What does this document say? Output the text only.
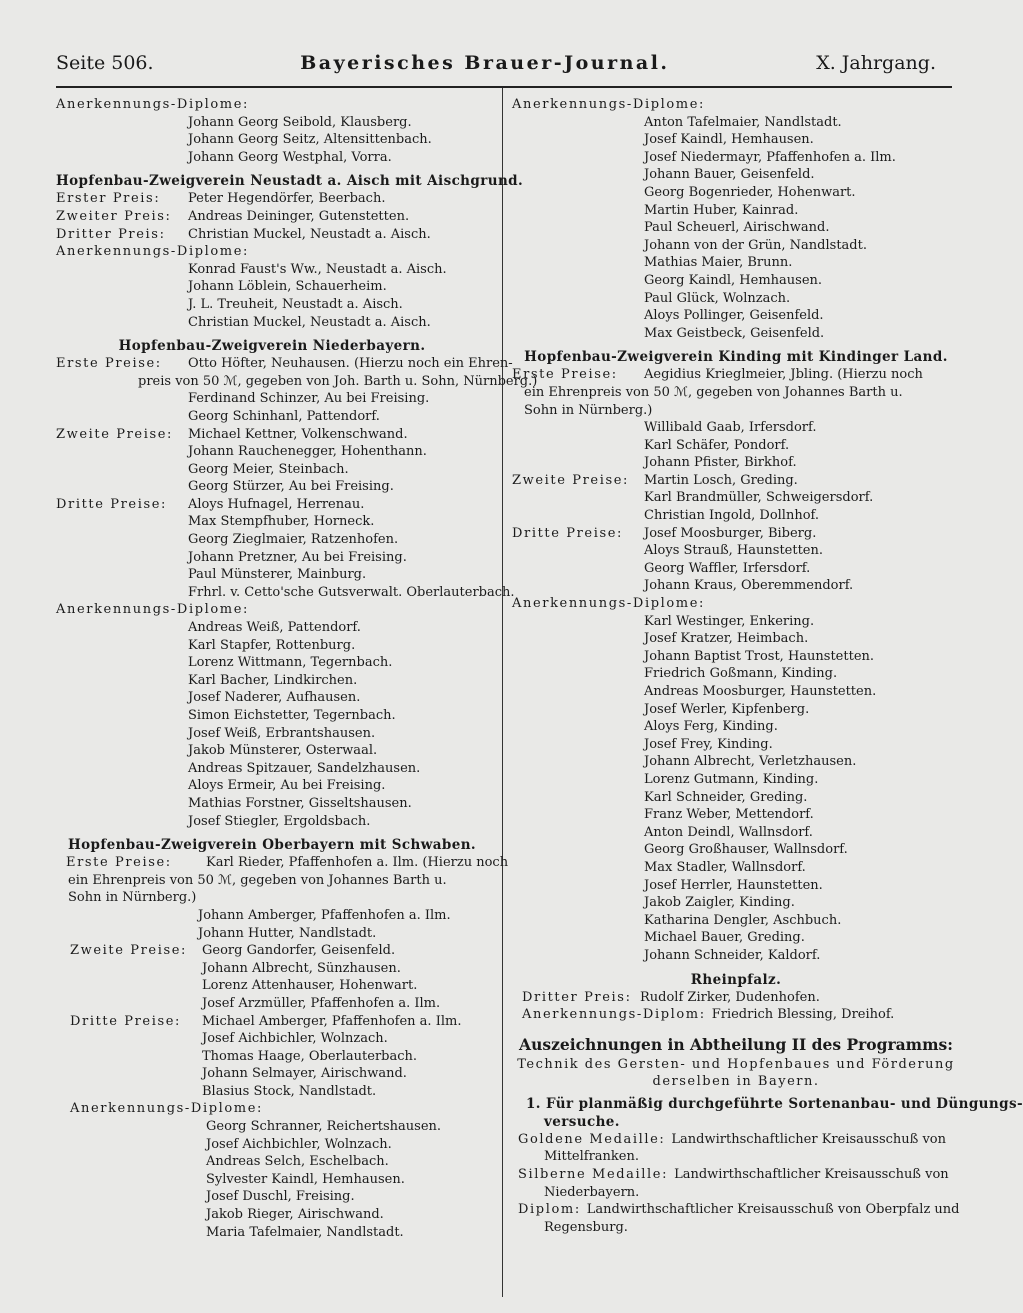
Seite 506.	Bayerisches Brauer-Journal.	X. Jahrgang.
Anerkennungs-Diplome:
Johann Georg Seibold, Klausberg.
Johann Georg Seitz, Altensittenbach.
Johann Georg Westphal, Vorra.
Hopfenbau-Zweigverein Neustadt a. Aisch mit Aischgrund.
Erster Preis: Peter Hegendörfer, Beerbach.
Zweiter Preis: Andreas Deininger, Gutenstetten.
Dritter Preis: Christian Muckel, Neustadt a. Aisch.
Anerkennungs-Diplome:
Konrad Faust's Ww., Neustadt a. Aisch.
Johann Löblein, Schauerheim.
J. L. Treuheit, Neustadt a. Aisch.
Christian Muckel, Neustadt a. Aisch.
Hopfenbau-Zweigverein Niederbayern.
Erste Preise: Otto Höfter, Neuhausen. (Hierzu noch ein Ehren-
preis von 50 ℳ, gegeben von Joh. Barth u. Sohn, Nürnberg.)
Ferdinand Schinzer, Au bei Freising.
Georg Schinhanl, Pattendorf.
Zweite Preise: Michael Kettner, Volkenschwand.
Johann Rauchenegger, Hohenthann.
Georg Meier, Steinbach.
Georg Stürzer, Au bei Freising.
Dritte Preise: Aloys Hufnagel, Herrenau.
Max Stempfhuber, Horneck.
Georg Zieglmaier, Ratzenhofen.
Johann Pretzner, Au bei Freising.
Paul Münsterer, Mainburg.
Frhrl. v. Cetto'sche Gutsverwalt. Oberlauterbach.
Anerkennungs-Diplome:
Andreas Weiß, Pattendorf.
Karl Stapfer, Rottenburg.
Lorenz Wittmann, Tegernbach.
Karl Bacher, Lindkirchen.
Josef Naderer, Aufhausen.
Simon Eichstetter, Tegernbach.
Josef Weiß, Erbrantshausen.
Jakob Münsterer, Osterwaal.
Andreas Spitzauer, Sandelzhausen.
Aloys Ermeir, Au bei Freising.
Mathias Forstner, Gisseltshausen.
Josef Stiegler, Ergoldsbach.
Hopfenbau-Zweigverein Oberbayern mit Schwaben.
Erste Preise:	Karl Rieder, Pfaffenhofen a. Ilm. (Hierzu noch
ein Ehrenpreis von 50 ℳ, gegeben von Johannes Barth u.
Sohn in Nürnberg.)
Johann Amberger, Pfaffenhofen a. Ilm.
Johann Hutter, Nandlstadt.
Zweite Preise: Georg Gandorfer, Geisenfeld.
Johann Albrecht, Sünzhausen.
Lorenz Attenhauser, Hohenwart.
Josef Arzmüller, Pfaffenhofen a. Ilm.
Dritte Preise: Michael Amberger, Pfaffenhofen a. Ilm.
Josef Aichbichler, Wolnzach.
Thomas Haage, Oberlauterbach.
Johann Selmayer, Airischwand.
Blasius Stock, Nandlstadt.
Anerkennungs-Diplome:
Georg Schranner, Reichertshausen.
Josef Aichbichler, Wolnzach.
Andreas Selch, Eschelbach.
Sylvester Kaindl, Hemhausen.
Josef Duschl, Freising.
Jakob Rieger, Airischwand.
Maria Tafelmaier, Nandlstadt.
Anerkennungs-Diplome:
Anton Tafelmaier, Nandlstadt.
Josef Kaindl, Hemhausen.
Josef Niedermayr, Pfaffenhofen a. Ilm.
Johann Bauer, Geisenfeld.
Georg Bogenrieder, Hohenwart.
Martin Huber, Kainrad.
Paul Scheuerl, Airischwand.
Johann von der Grün, Nandlstadt.
Mathias Maier, Brunn.
Georg Kaindl, Hemhausen.
Paul Glück, Wolnzach.
Aloys Pollinger, Geisenfeld.
Max Geistbeck, Geisenfeld.
Hopfenbau-Zweigverein Kinding mit Kindinger Land.
Erste Preise: Aegidius Krieglmeier, Jbling. (Hierzu noch
ein Ehrenpreis von 50 ℳ, gegeben von Johannes Barth u.
Sohn in Nürnberg.)
Willibald Gaab, Irfersdorf.
Karl Schäfer, Pondorf.
Johann Pfister, Birkhof.
Zweite Preise: Martin Losch, Greding.
Karl Brandmüller, Schweigersdorf.
Christian Ingold, Dollnhof.
Dritte Preise: Josef Moosburger, Biberg.
Aloys Strauß, Haunstetten.
Georg Waffler, Irfersdorf.
Johann Kraus, Oberemmendorf.
Anerkennungs-Diplome:
Karl Westinger, Enkering.
Josef Kratzer, Heimbach.
Johann Baptist Trost, Haunstetten.
Friedrich Goßmann, Kinding.
Andreas Moosburger, Haunstetten.
Josef Werler, Kipfenberg.
Aloys Ferg, Kinding.
Josef Frey, Kinding.
Johann Albrecht, Verletzhausen.
Lorenz Gutmann, Kinding.
Karl Schneider, Greding.
Franz Weber, Mettendorf.
Anton Deindl, Wallnsdorf.
Georg Großhauser, Wallnsdorf.
Max Stadler, Wallnsdorf.
Josef Herrler, Haunstetten.
Jakob Zaigler, Kinding.
Katharina Dengler, Aschbuch.
Michael Bauer, Greding.
Johann Schneider, Kaldorf.
Rheinpfalz.
Dritter Preis: Rudolf Zirker, Dudenhofen.
Anerkennungs-Diplom: Friedrich Blessing, Dreihof.
Auszeichnungen in Abtheilung II des Programms:
Technik des Gersten- und Hopfenbaues und Förderung
derselben in Bayern.
1. Für planmäßig durchgeführte Sortenanbau- und Düngungs-
versuche.
Goldene Medaille: Landwirthschaftlicher Kreisausschuß von
Mittelfranken.
Silberne Medaille: Landwirthschaftlicher Kreisausschuß von
Niederbayern.
Diplom: Landwirthschaftlicher Kreisausschuß von Oberpfalz und
Regensburg.
